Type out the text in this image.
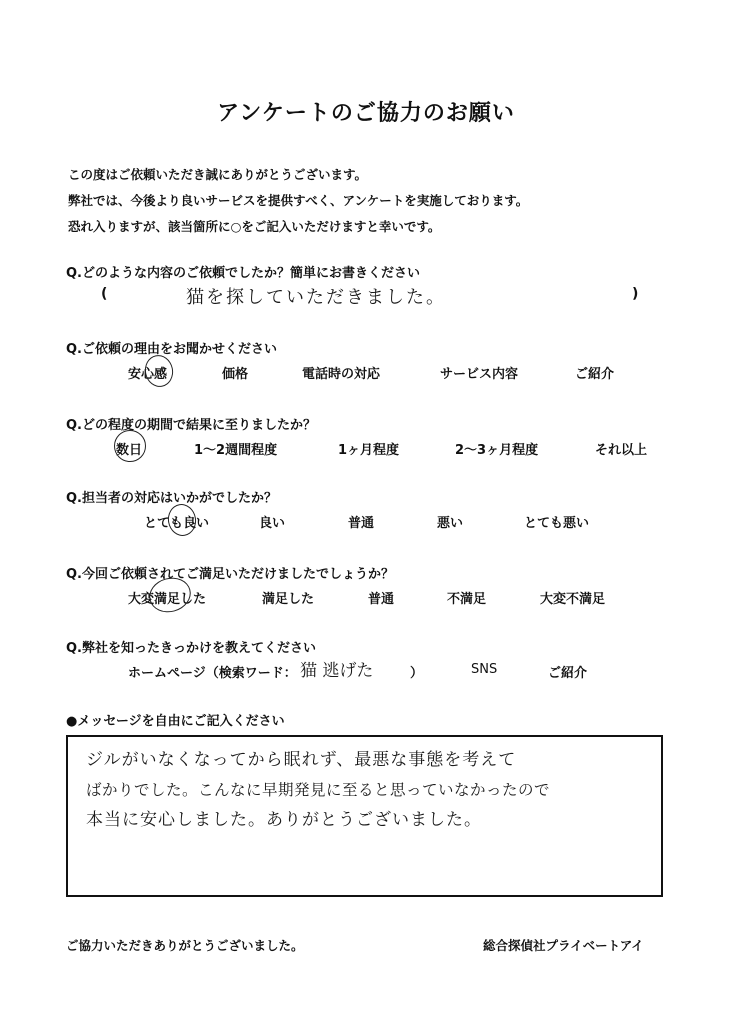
アンケートのご協力のお願い
この度はご依頼いただき誠にありがとうございます。
弊社では、今後より良いサービスを提供すべく、アンケートを実施しております。
恐れ入りますが、該当箇所に○をご記入いただけますと幸いです。
Q.どのような内容のご依頼でしたか？簡単にお書きください
(	猫を探していただきました。	)
Q.ご依頼の理由をお聞かせください
安心感	価格	電話時の対応	サービス内容	ご紹介
Q.どの程度の期間で結果に至りましたか？
数日	1～2週間程度	1ヶ月程度	2～3ヶ月程度	それ以上
Q.担当者の対応はいかがでしたか？
とても良い	良い	普通	悪い	とても悪い
Q.今回ご依頼されてご満足いただけましたでしょうか？
大変満足した	満足した	普通	不満足	大変不満足
Q.弊社を知ったきっかけを教えてください
ホームページ（検索ワード： 猫 逃げた	）	SNS	ご紹介
●メッセージを自由にご記入ください
ジルがいなくなってから眠れず、最悪な事態を考えて
ばかりでした。こんなに早期発見に至ると思っていなかったので
本当に安心しました。ありがとうございました。
ご協力いただきありがとうございました。	総合探偵社プライベートアイ
